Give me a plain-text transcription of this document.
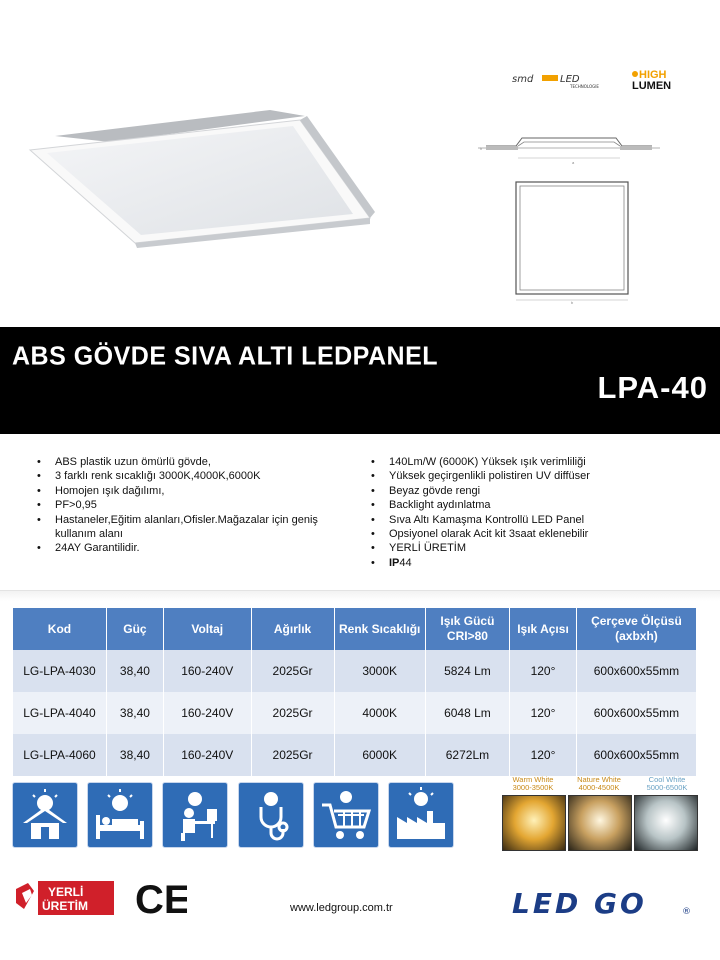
a
h
b
smd	LED
TECHNOLOGIE
HIGH
LUMEN
ABS GÖVDE SIVA ALTI LEDPANEL
LPA-40
• ABS plastik uzun ömürlü gövde,
• 3 farklı renk sıcaklığı 3000K,4000K,6000K
• Homojen ışık dağılımı,
• PF>0,95
• Hastaneler,Eğitim alanları,Ofisler.Mağazalar için geniş kullanım alanı
• 24AY Garantilidir.
• 140Lm/W (6000K) Yüksek ışık verimliliği
• Yüksek geçirgenlikli polistiren UV diffüser
• Beyaz gövde rengi
• Backlight aydınlatma
• Sıva Altı Kamaşma Kontrollü LED Panel
• Opsiyonel olarak Acit kit 3saat eklenebilir
• YERLİ ÜRETİM
• IP44
Kod	Güç	Voltaj	Ağırlık	Renk Sıcaklığı	Işık Gücü CRI>80	Işık Açısı	Çerçeve Ölçüsü (axbxh)
LG-LPA-4030	38,40	160-240V	2025Gr	3000K	5824 Lm	120°	600x600x55mm
LG-LPA-4040	38,40	160-240V	2025Gr	4000K	6048 Lm	120°	600x600x55mm
LG-LPA-4060	38,40	160-240V	2025Gr	6000K	6272Lm	120°	600x600x55mm
Warm White
3000-3500K
Nature White
4000-4500K
Cool White
5000-6500K
YERLİ
ÜRETİM CE	www.ledgroup.com.tr	LED GO	®
